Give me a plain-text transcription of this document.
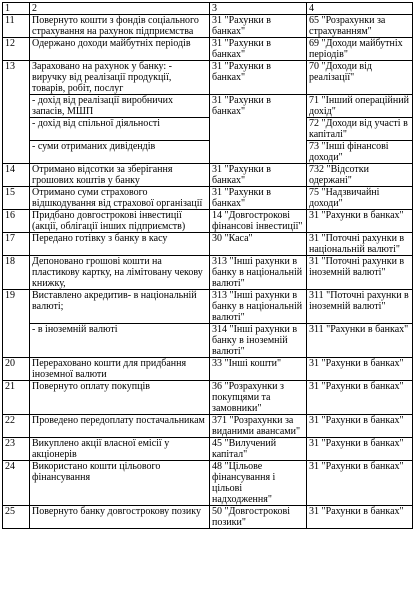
1	2	3	4
11	Повернуто кошти з фондів соціального страхування на рахунок підприємства	31 "Рахунки в банках"	65 "Розрахунки за страхуванням"
12	Одержано доходи майбутніх періодів	31 "Рахунки в банках"	69 "Доходи майбутніх періодів"
13	Зараховано на рахунок у банку: - виручку від реалізації продукції, товарів, робіт, послуг	31 "Рахунки в банках"	70 "Доходи від реалізації"
	- дохід від реалізації виробничих запасів, МШП	31 "Рахунки в банках"	71 "Інший операційний дохід"
	- дохід від спільної діяльності		72 "Доходи від участі в капіталі"
	- суми отриманих дивідендів		73 "Інші фінансові доходи"
14	Отримано відсотки за зберігання грошових коштів у банку	31 "Рахунки в банках"	732 "Відсотки одержані"
15	Отримано суми страхового відшкодування від страхової організації	31 "Рахунки в банках"	75 "Надзвичайні доходи"
16	Придбано довгострокові інвестиції (акції, облігації інших підприємств)	14 "Довгострокові фінансові інвестиції"	31 "Рахунки в банках"
17	Передано готівку з банку в касу	30 "Каса"	31 "Поточні рахунки в національній валюті"
18	Депоновано грошові кошти на пластикову картку, на лімітовану чекову книжку,	313 "Інші рахунки в банку в національній валюті"	31 "Поточні рахунки в іноземній валюті"
19	Виставлено акредитив- в національній валюті;	313 "Інші рахунки в банку в національній валюті"	311 "Поточні рахунки в іноземній валюті"
	- в іноземній валюті	314 "Інші рахунки в банку в іноземній валюті"	311 "Рахунки в банках"
20	Перераховано кошти для придбання іноземної валюти	33 "Інші кошти"	31 "Рахунки в банках"
21	Повернуто оплату покупців	36 "Розрахунки з покупцями та замовники"	31 "Рахунки в банках"
22	Проведено передоплату постачальникам	371 "Розрахунки за виданими авансами"	31 "Рахунки в банках"
23	Викуплено акції власної емісії у акціонерів	45 "Вилучений капітал"	31 "Рахунки в банках"
24	Використано кошти цільового фінансування	48 "Цільове фінансування і цільові надходження"	31 "Рахунки в банках"
25	Повернуто банку довгострокову позику	50 "Довгострокові позики"	31 "Рахунки в банках"
